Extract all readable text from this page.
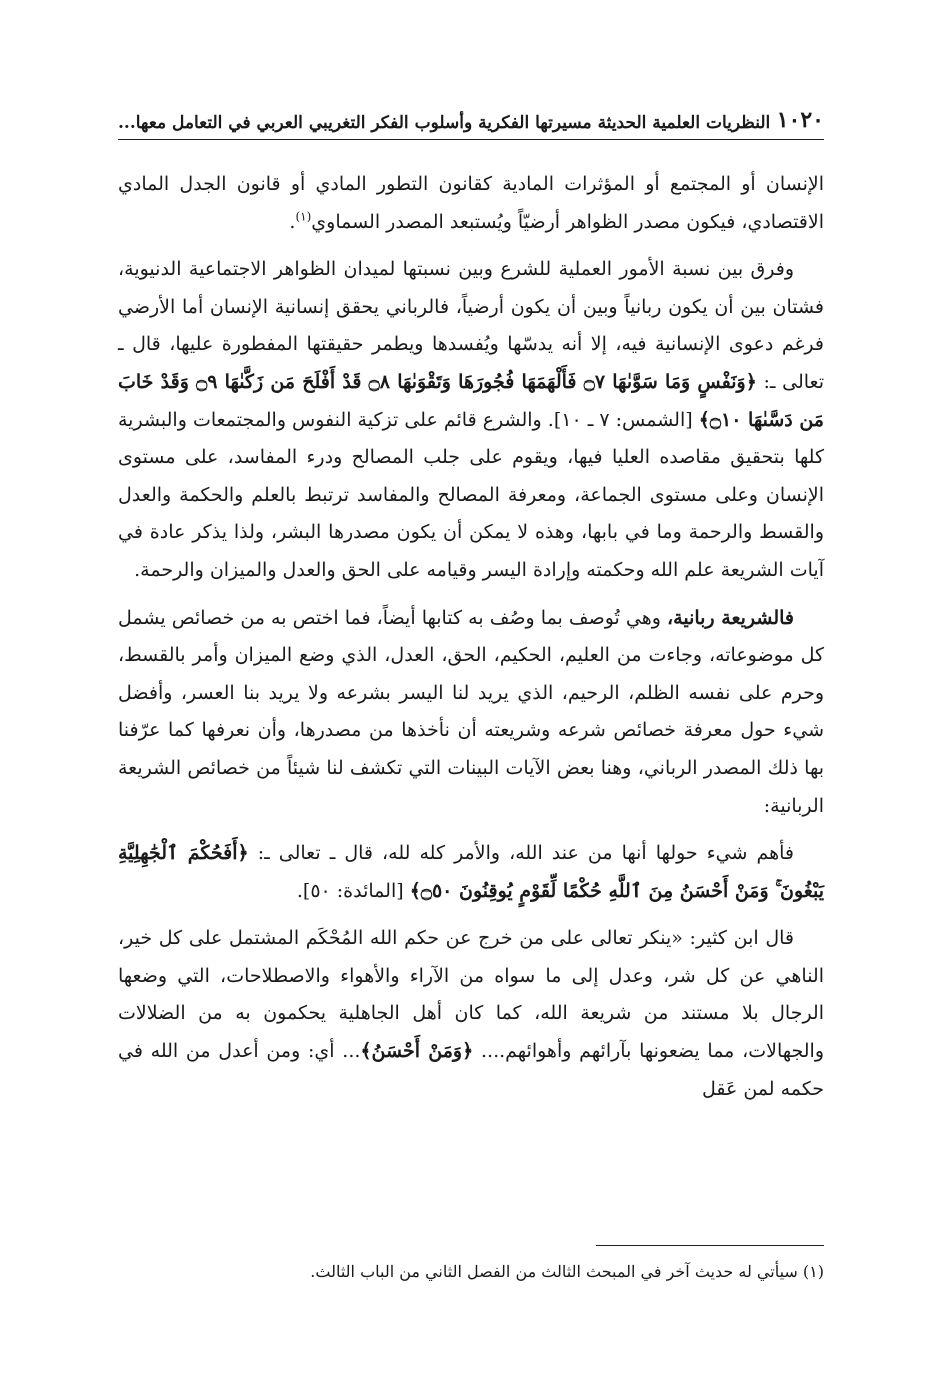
١٠٢٠
النظريات العلمية الحديثة مسيرتها الفكرية وأسلوب الفكر التغريبي العربي في التعامل معها...

الإنسان أو المجتمع أو المؤثرات المادية كقانون التطور المادي أو قانون الجدل المادي الاقتصادي، فيكون مصدر الظواهر أرضيّاً ويُستبعد المصدر السماوي$^{(١)}$.

وفرق بين نسبة الأمور العملية للشرع وبين نسبتها لميدان الظواهر الاجتماعية الدنيوية، فشتان بين أن يكون ربانياً وبين أن يكون أرضياً، فالرباني يحقق إنسانية الإنسان أما الأرضي فرغم دعوى الإنسانية فيه، إلا أنه يدسّها ويُفسدها ويطمر حقيقتها المفطورة عليها، قال ـ تعالى ـ: ﴿وَنَفْسٍ وَمَا سَوَّىٰهَا ۝٧ فَأَلْهَمَهَا فُجُورَهَا وَتَقْوَىٰهَا ۝٨ قَدْ أَفْلَحَ مَن زَكَّىٰهَا ۝٩ وَقَدْ خَابَ مَن دَسَّىٰهَا ۝١٠﴾ [الشمس: ٧ ـ ١٠]. والشرع قائم على تزكية النفوس والمجتمعات والبشرية كلها بتحقيق مقاصده العليا فيها، ويقوم على جلب المصالح ودرء المفاسد، على مستوى الإنسان وعلى مستوى الجماعة، ومعرفة المصالح والمفاسد ترتبط بالعلم والحكمة والعدل والقسط والرحمة وما في بابها، وهذه لا يمكن أن يكون مصدرها البشر، ولذا يذكر عادة في آيات الشريعة علم الله وحكمته وإرادة اليسر وقيامه على الحق والعدل والميزان والرحمة.

فالشريعة ربانية، وهي تُوصف بما وصُف به كتابها أيضاً، فما اختص به من خصائص يشمل كل موضوعاته، وجاءت من العليم، الحكيم، الحق، العدل، الذي وضع الميزان وأمر بالقسط، وحرم على نفسه الظلم، الرحيم، الذي يريد لنا اليسر بشرعه ولا يريد بنا العسر، وأفضل شيء حول معرفة خصائص شرعه وشريعته أن نأخذها من مصدرها، وأن نعرفها كما عرّفنا بها ذلك المصدر الرباني، وهنا بعض الآيات البينات التي تكشف لنا شيئاً من خصائص الشريعة الربانية:

فأهم شيء حولها أنها من عند الله، والأمر كله لله، قال ـ تعالى ـ: ﴿أَفَحُكْمَ ٱلْجَٰهِلِيَّةِ يَبْغُونَ ۚ وَمَنْ أَحْسَنُ مِنَ ٱللَّهِ حُكْمًا لِّقَوْمٍ يُوقِنُونَ ۝٥٠﴾ [المائدة: ٥٠].

قال ابن كثير: «ينكر تعالى على من خرج عن حكم الله المُحْكَم المشتمل على كل خير، الناهي عن كل شر، وعدل إلى ما سواه من الآراء والأهواء والاصطلاحات، التي وضعها الرجال بلا مستند من شريعة الله، كما كان أهل الجاهلية يحكمون به من الضلالات والجهالات، مما يضعونها بآرائهم وأهوائهم.... ﴿وَمَنْ أَحْسَنُ﴾... أي: ومن أعدل من الله في حكمه لمن عَقل

(١) سيأتي له حديث آخر في المبحث الثالث من الفصل الثاني من الباب الثالث.
